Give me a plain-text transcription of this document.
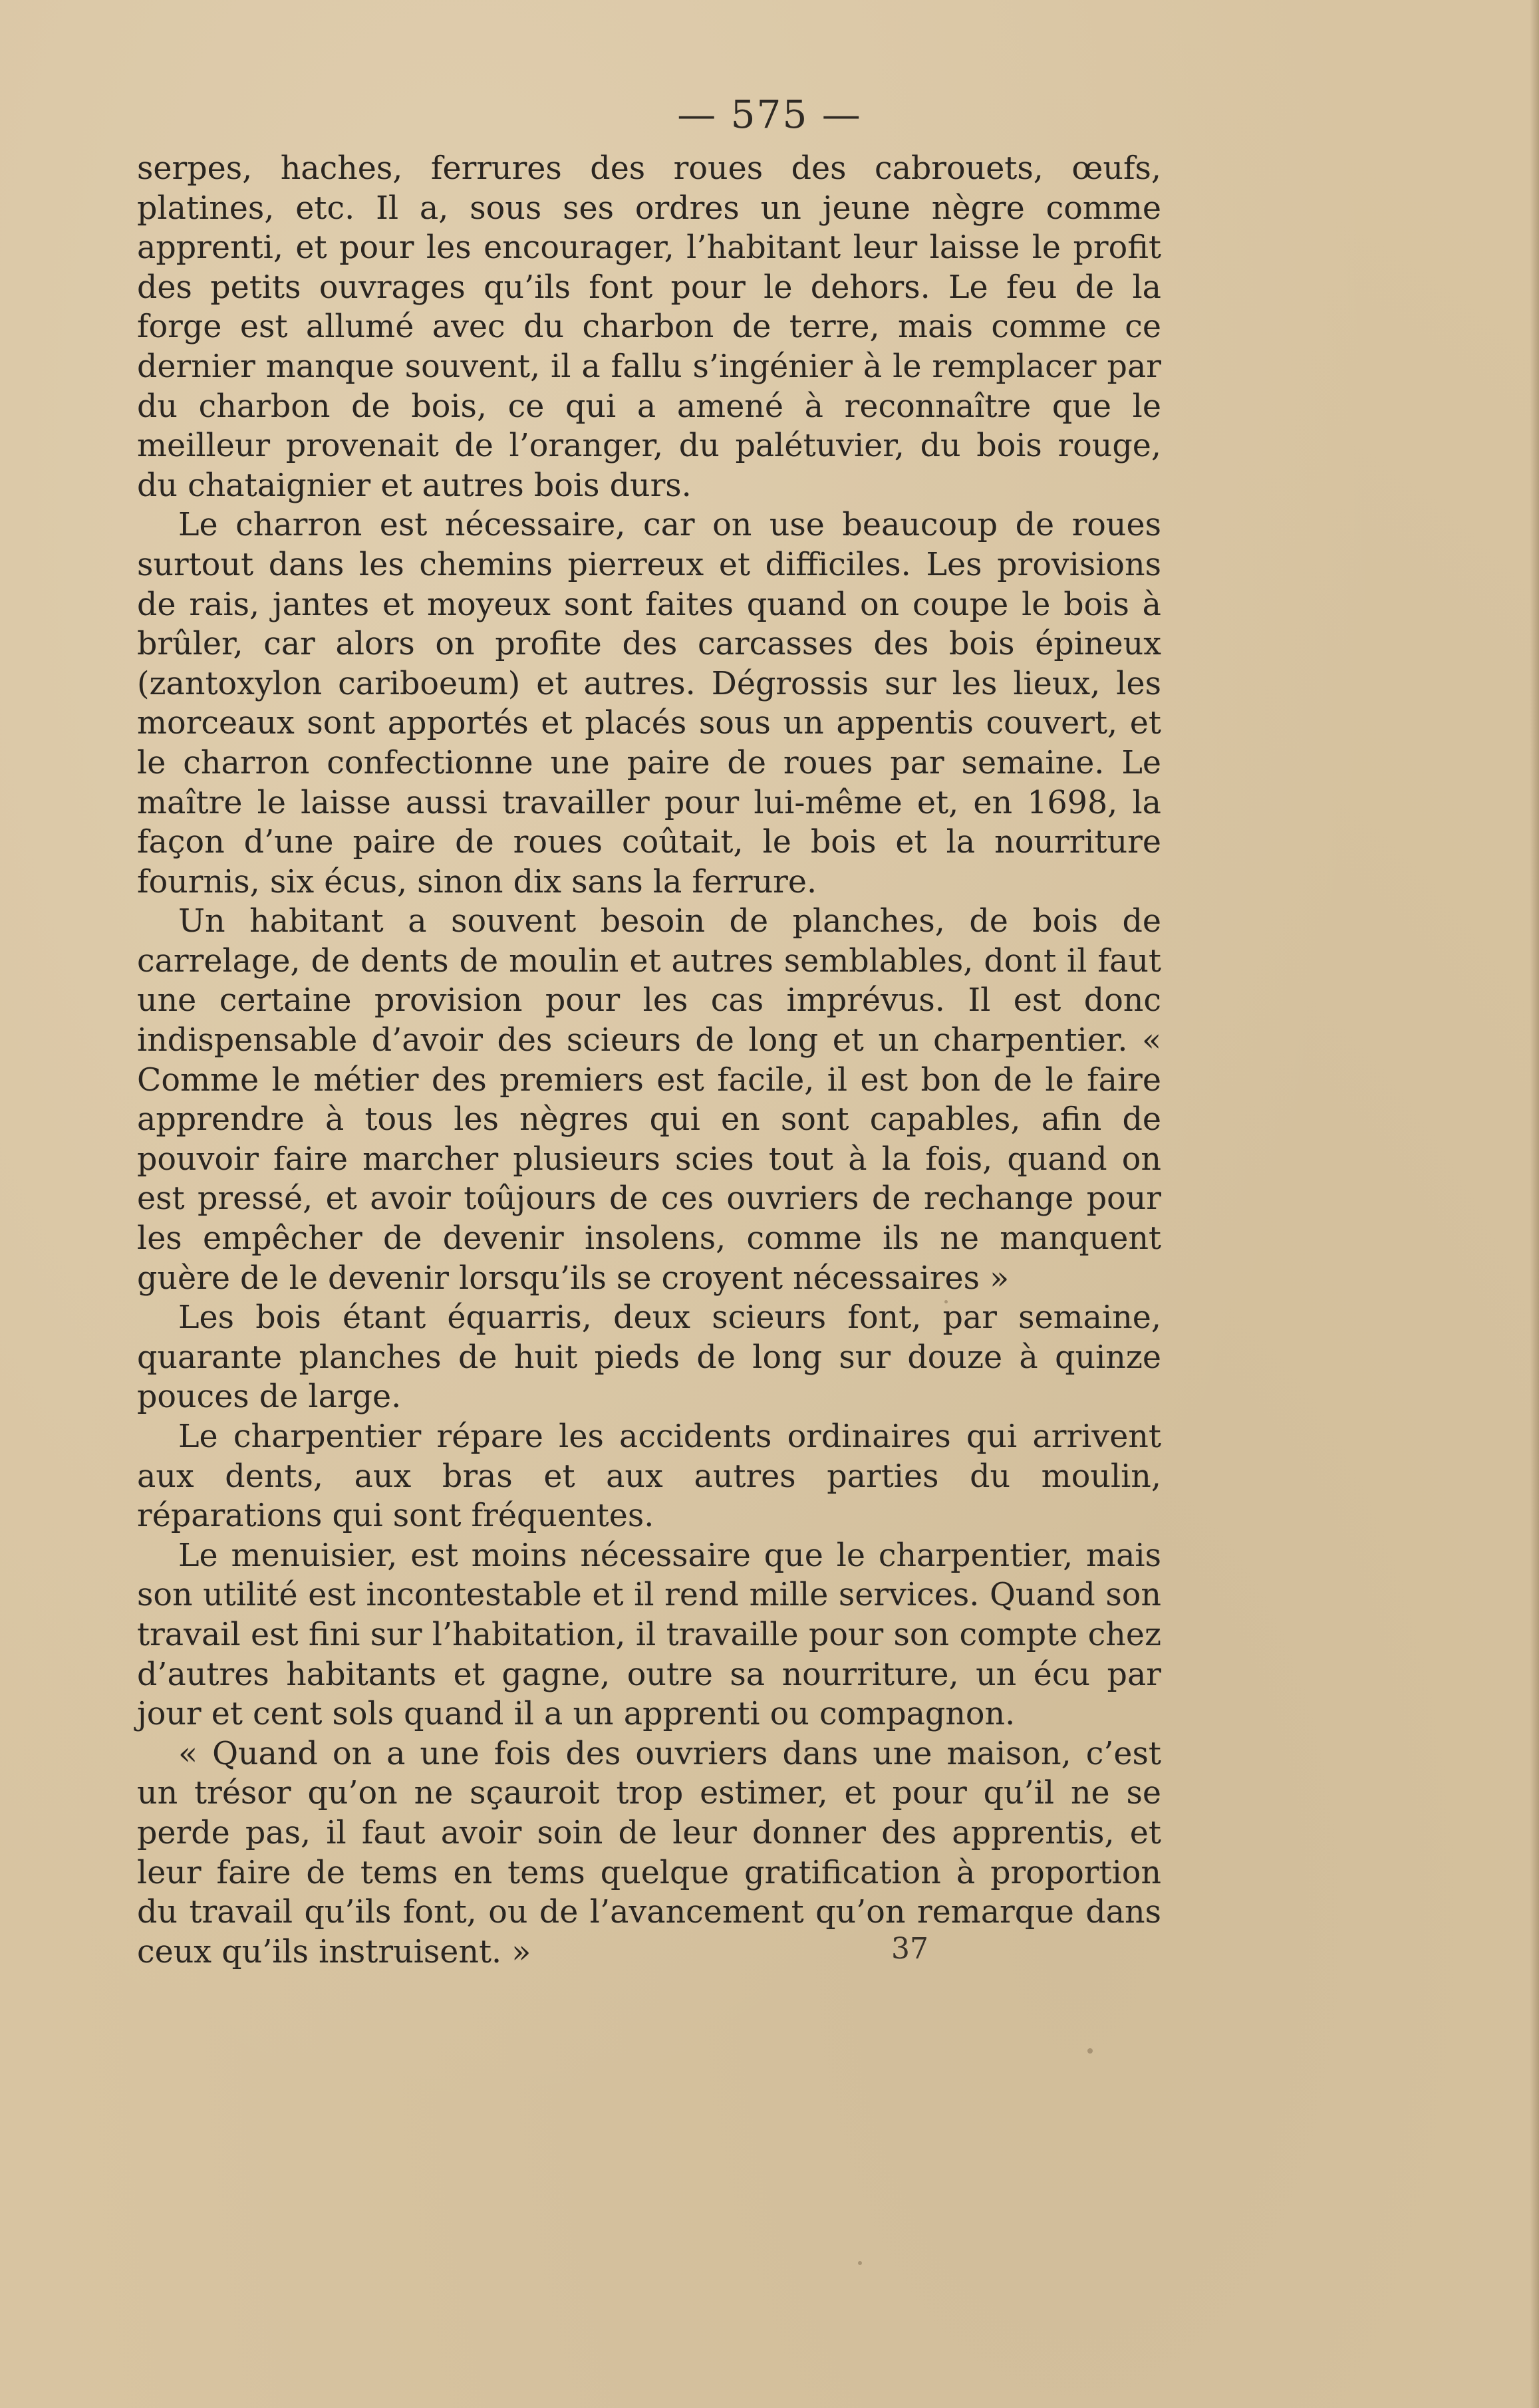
— 575 —

serpes, haches, ferrures des roues des cabrouets, œufs, platines, etc. Il a, sous ses ordres un jeune nègre comme apprenti, et pour les encourager, l’habitant leur laisse le profit des petits ouvrages qu’ils font pour le dehors. Le feu de la forge est allumé avec du charbon de terre, mais comme ce dernier manque souvent, il a fallu s’ingénier à le remplacer par du charbon de bois, ce qui a amené à reconnaître que le meilleur provenait de l’oranger, du palétuvier, du bois rouge, du chataignier et autres bois durs.

Le charron est nécessaire, car on use beaucoup de roues surtout dans les chemins pierreux et difficiles. Les provisions de rais, jantes et moyeux sont faites quand on coupe le bois à brûler, car alors on profite des carcasses des bois épineux (zantoxylon cariboeum) et autres. Dégrossis sur les lieux, les morceaux sont apportés et placés sous un appentis couvert, et le charron confectionne une paire de roues par semaine. Le maître le laisse aussi travailler pour lui-même et, en 1698, la façon d’une paire de roues coûtait, le bois et la nourriture fournis, six écus, sinon dix sans la ferrure.

Un habitant a souvent besoin de planches, de bois de carrelage, de dents de moulin et autres semblables, dont il faut une certaine provision pour les cas imprévus. Il est donc indispensable d’avoir des scieurs de long et un charpentier. « Comme le métier des premiers est facile, il est bon de le faire apprendre à tous les nègres qui en sont capables, afin de pouvoir faire marcher plusieurs scies tout à la fois, quand on est pressé, et avoir toûjours de ces ouvriers de rechange pour les empêcher de devenir insolens, comme ils ne manquent guère de le devenir lorsqu’ils se croyent nécessaires »

Les bois étant équarris, deux scieurs font, par semaine, quarante planches de huit pieds de long sur douze à quinze pouces de large.

Le charpentier répare les accidents ordinaires qui arrivent aux dents, aux bras et aux autres parties du moulin, réparations qui sont fréquentes.

Le menuisier, est moins nécessaire que le charpentier, mais son utilité est incontestable et il rend mille services. Quand son travail est fini sur l’habitation, il travaille pour son compte chez d’autres habitants et gagne, outre sa nourriture, un écu par jour et cent sols quand il a un apprenti ou compagnon.

« Quand on a une fois des ouvriers dans une maison, c’est un trésor qu’on ne sçauroit trop estimer, et pour qu’il ne se perde pas, il faut avoir soin de leur donner des apprentis, et leur faire de tems en tems quelque gratification à proportion du travail qu’ils font, ou de l’avancement qu’on remarque dans ceux qu’ils instruisent. »	37
